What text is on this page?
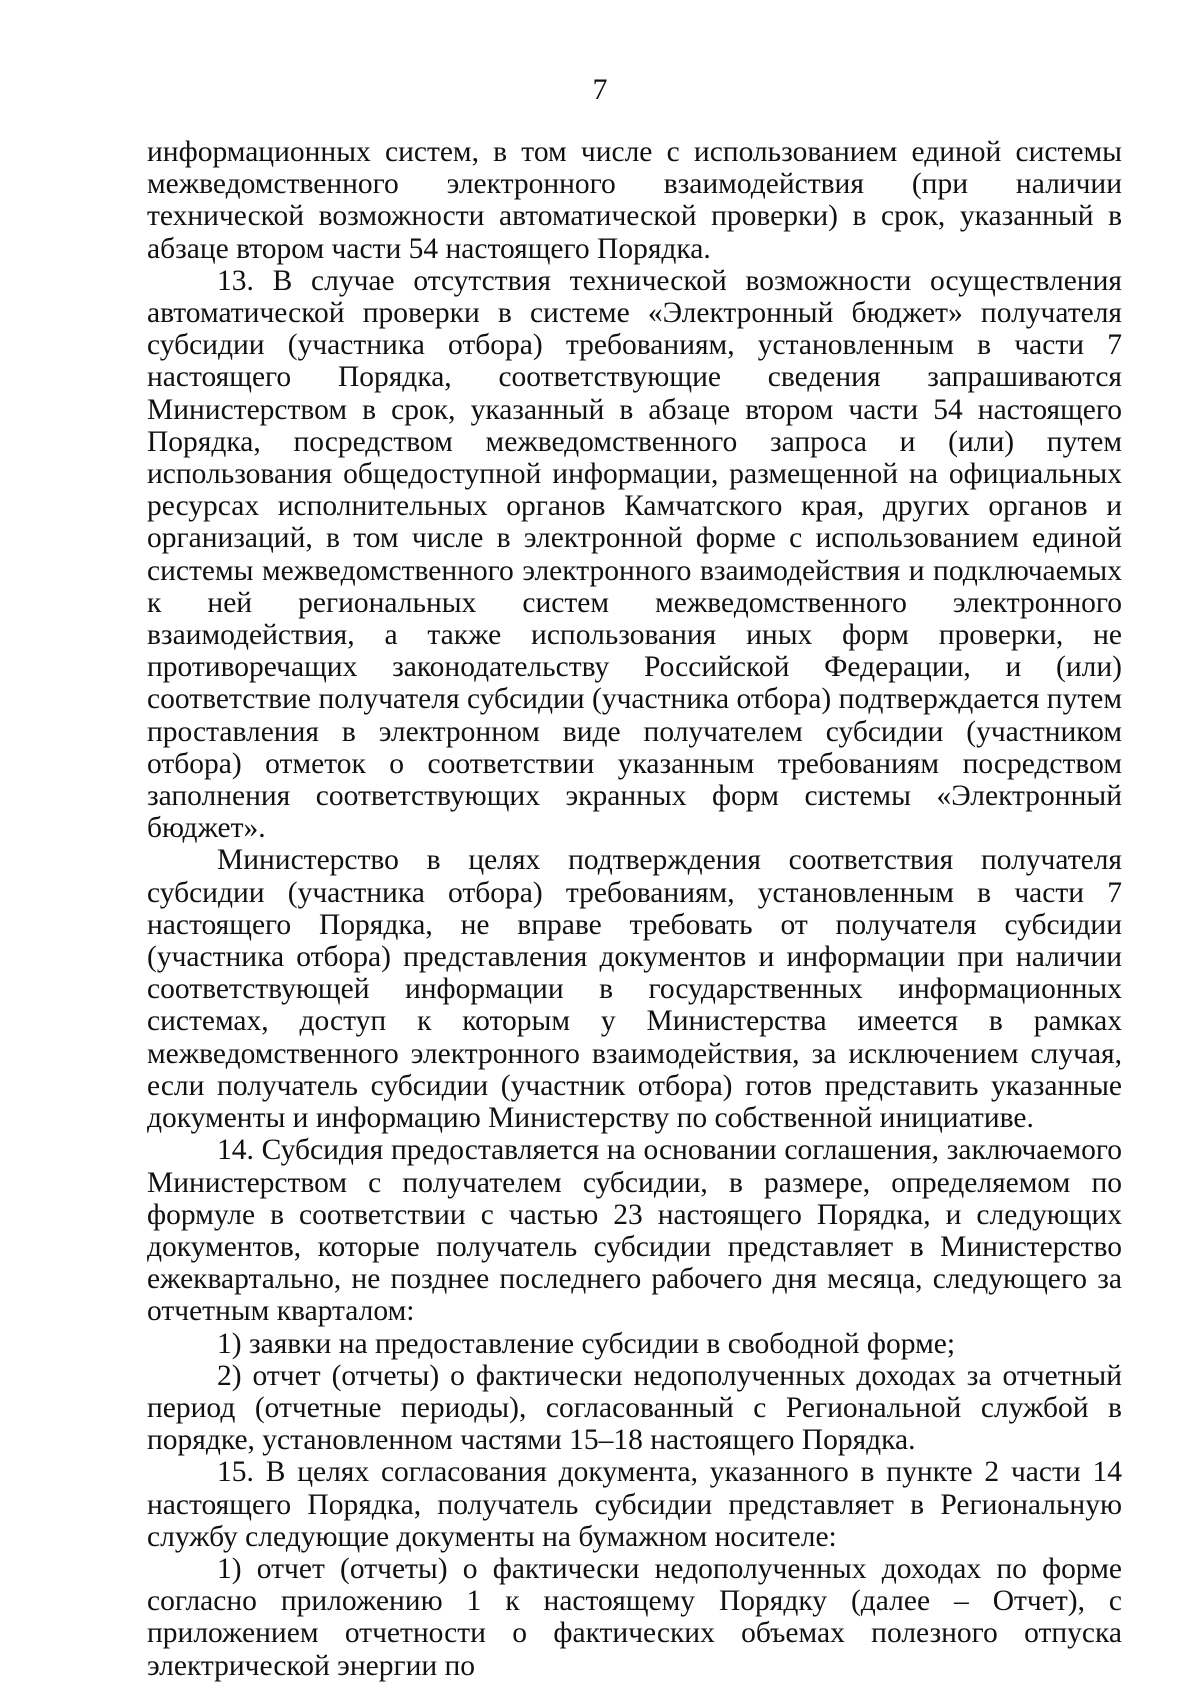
7

информационных систем, в том числе с использованием единой системы межведомственного электронного взаимодействия (при наличии технической возможности автоматической проверки) в срок, указанный в абзаце втором части 54 настоящего Порядка.

13. В случае отсутствия технической возможности осуществления автоматической проверки в системе «Электронный бюджет» получателя субсидии (участника отбора) требованиям, установленным в части 7 настоящего Порядка, соответствующие сведения запрашиваются Министерством в срок, указанный в абзаце втором части 54 настоящего Порядка, посредством межведомственного запроса и (или) путем использования общедоступной информации, размещенной на официальных ресурсах исполнительных органов Камчатского края, других органов и организаций, в том числе в электронной форме с использованием единой системы межведомственного электронного взаимодействия и подключаемых к ней региональных систем межведомственного электронного взаимодействия, а также использования иных форм проверки, не противоречащих законодательству Российской Федерации, и (или) соответствие получателя субсидии (участника отбора) подтверждается путем проставления в электронном виде получателем субсидии (участником отбора) отметок о соответствии указанным требованиям посредством заполнения соответствующих экранных форм системы «Электронный бюджет».

Министерство в целях подтверждения соответствия получателя субсидии (участника отбора) требованиям, установленным в части 7 настоящего Порядка, не вправе требовать от получателя субсидии (участника отбора) представления документов и информации при наличии соответствующей информации в государственных информационных системах, доступ к которым у Министерства имеется в рамках межведомственного электронного взаимодействия, за исключением случая, если получатель субсидии (участник отбора) готов представить указанные документы и информацию Министерству по собственной инициативе.

14. Субсидия предоставляется на основании соглашения, заключаемого Министерством с получателем субсидии, в размере, определяемом по формуле в соответствии с частью 23 настоящего Порядка, и следующих документов, которые получатель субсидии представляет в Министерство ежеквартально, не позднее последнего рабочего дня месяца, следующего за отчетным кварталом:

1) заявки на предоставление субсидии в свободной форме;

2) отчет (отчеты) о фактически недополученных доходах за отчетный период (отчетные периоды), согласованный с Региональной службой в порядке, установленном частями 15–18 настоящего Порядка.

15. В целях согласования документа, указанного в пункте 2 части 14 настоящего Порядка, получатель субсидии представляет в Региональную службу следующие документы на бумажном носителе:

1) отчет (отчеты) о фактически недополученных доходах по форме согласно приложению 1 к настоящему Порядку (далее – Отчет), с приложением отчетности о фактических объемах полезного отпуска электрической энергии по
